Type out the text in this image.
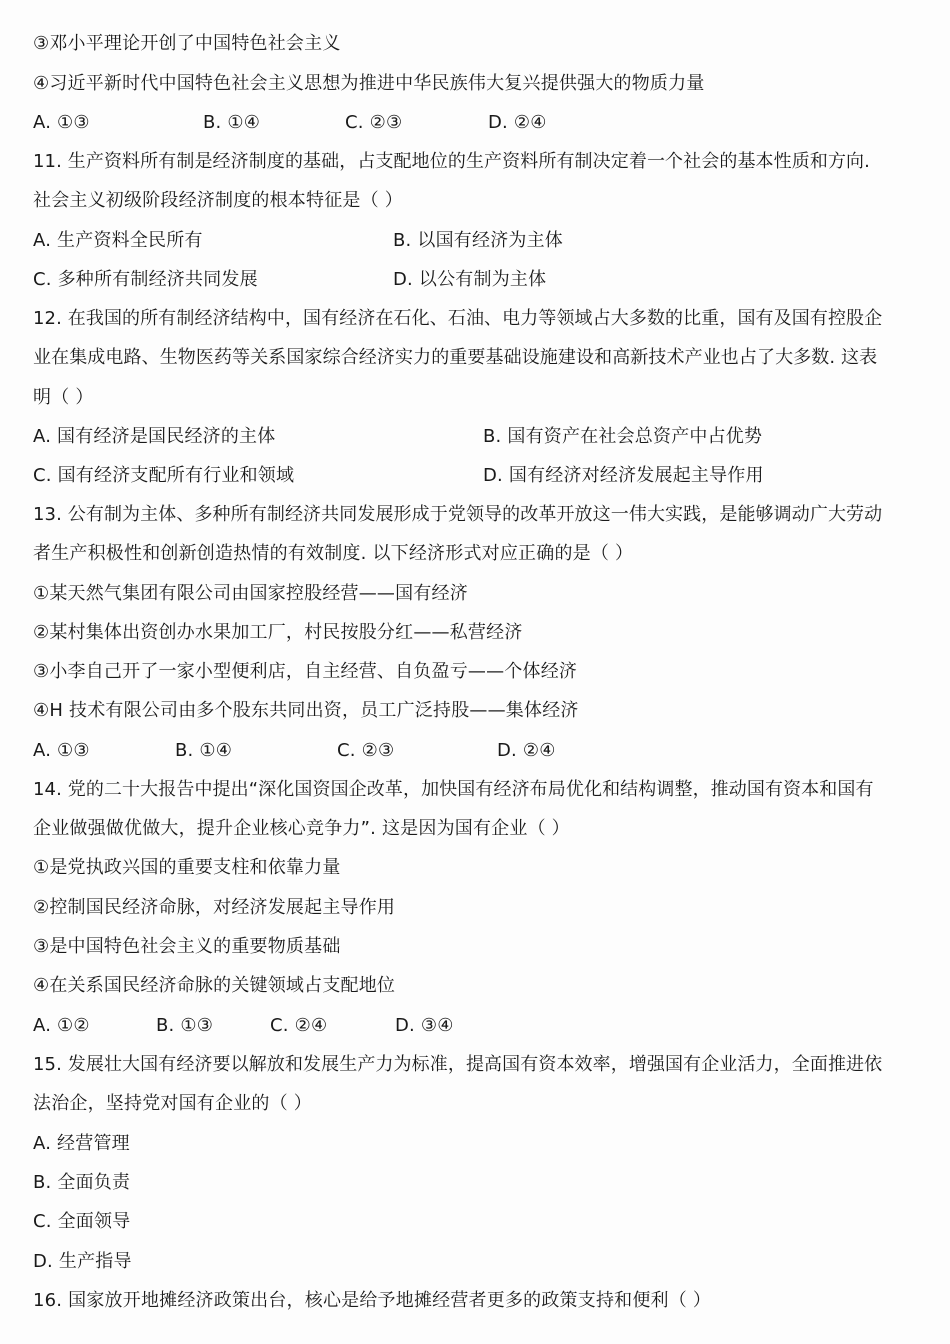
③邓小平理论开创了中国特色社会主义
④习近平新时代中国特色社会主义思想为推进中华民族伟大复兴提供强大的物质力量
A. ①③	B. ①④	C. ②③	D. ②④
11. 生产资料所有制是经济制度的基础，占支配地位的生产资料所有制决定着一个社会的基本性质和方向.
社会主义初级阶段经济制度的根本特征是（ ）
A. 生产资料全民所有	B. 以国有经济为主体
C. 多种所有制经济共同发展	D. 以公有制为主体
12. 在我国的所有制经济结构中，国有经济在石化、石油、电力等领域占大多数的比重，国有及国有控股企
业在集成电路、生物医药等关系国家综合经济实力的重要基础设施建设和高新技术产业也占了大多数. 这表
明（ ）
A. 国有经济是国民经济的主体	B. 国有资产在社会总资产中占优势
C. 国有经济支配所有行业和领域	D. 国有经济对经济发展起主导作用
13. 公有制为主体、多种所有制经济共同发展形成于党领导的改革开放这一伟大实践，是能够调动广大劳动
者生产积极性和创新创造热情的有效制度. 以下经济形式对应正确的是（ ）
①某天然气集团有限公司由国家控股经营——国有经济
②某村集体出资创办水果加工厂，村民按股分红——私营经济
③小李自己开了一家小型便利店，自主经营、自负盈亏——个体经济
④H 技术有限公司由多个股东共同出资，员工广泛持股——集体经济
A. ①③	B. ①④	C. ②③	D. ②④
14. 党的二十大报告中提出“深化国资国企改革，加快国有经济布局优化和结构调整，推动国有资本和国有
企业做强做优做大，提升企业核心竞争力”. 这是因为国有企业（ ）
①是党执政兴国的重要支柱和依靠力量
②控制国民经济命脉，对经济发展起主导作用
③是中国特色社会主义的重要物质基础
④在关系国民经济命脉的关键领域占支配地位
A. ①②	B. ①③	C. ②④	D. ③④
15. 发展壮大国有经济要以解放和发展生产力为标准，提高国有资本效率，增强国有企业活力，全面推进依
法治企，坚持党对国有企业的（ ）
A. 经营管理
B. 全面负责
C. 全面领导
D. 生产指导
16. 国家放开地摊经济政策出台，核心是给予地摊经营者更多的政策支持和便利（ ）
